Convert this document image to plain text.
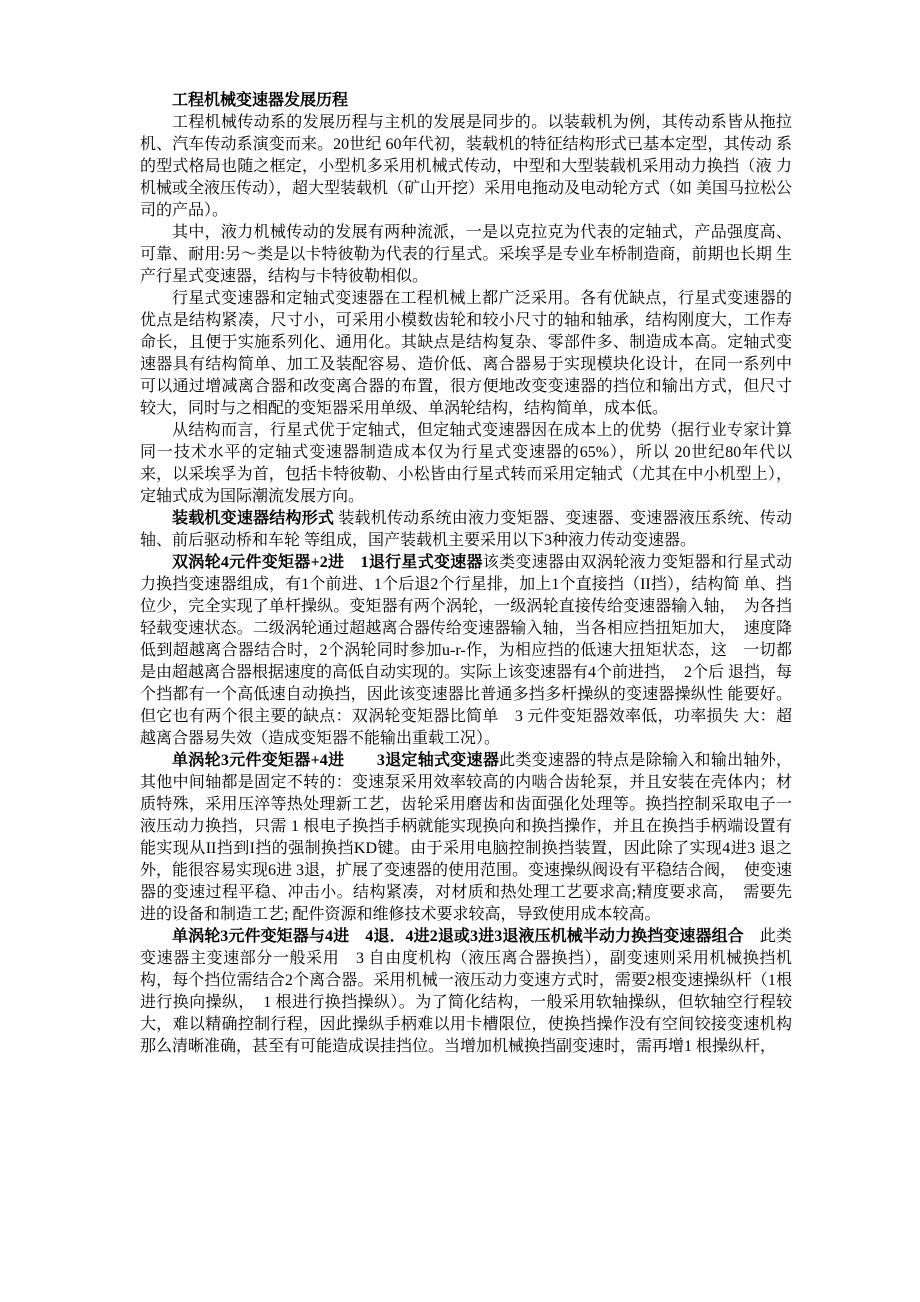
工程机械变速器发展历程

工程机械传动系的发展历程与主机的发展是同步的。以装载机为例，其传动系皆从拖拉 机、汽车传动系演变而来。20世纪 60年代初，装载机的特征结构形式已基本定型，其传动 系的型式格局也随之框定，小型机多采用机械式传动，中型和大型装载机采用动力换挡（液 力机械或全液压传动），超大型装载机（矿山开挖）采用电拖动及电动轮方式（如 美国马拉松公 司的产品）。

其中，液力机械传动的发展有两种流派，一是以克拉克为代表的定轴式，产品强度高、 可靠、耐用:另～类是以卡特彼勒为代表的行星式。采埃孚是专业车桥制造商，前期也长期 生产行星式变速器，结构与卡特彼勒相似。

行星式变速器和定轴式变速器在工程机械上都广泛采用。各有优缺点，行星式变速器的 优点是结构紧凑，尺寸小，可采用小模数齿轮和较小尺寸的轴和轴承，结构刚度大，工作寿 命长，且便于实施系列化、通用化。其缺点是结构复杂、零部件多、制造成本高。定轴式变 速器具有结构简单、加工及装配容易、造价低、离合器易于实现模块化设计，在同一系列中 可以通过增减离合器和改变离合器的布置，很方便地改变变速器的挡位和输出方式，但尺寸 较大，同时与之相配的变矩器采用单级、单涡轮结构，结构简单，成本低。

从结构而言，行星式优于定轴式，但定轴式变速器因在成本上的优势（据行业专家计算 同一技术水平的定轴式变速器制造成本仅为行星式变速器的65%），所以 20世纪80年代以 来，以采埃孚为首，包括卡特彼勒、小松皆由行星式转而采用定轴式（尤其在中小机型上）， 定轴式成为国际潮流发展方向。

装载机变速器结构形式 装载机传动系统由液力变矩器、变速器、变速器液压系统、传动轴、前后驱动桥和车轮 等组成，国产装载机主要采用以下3种液力传动变速器。

双涡轮4元件变矩器+2进　1退行星式变速器该类变速器由双涡轮液力变矩器和行星式动力换挡变速器组成，有1个前进、1个后退2个行星排，加上1个直接挡（II挡），结构简 单、挡位少，完全实现了单杆操纵。变矩器有两个涡轮，一级涡轮直接传给变速器输入轴，　为各挡轻载变速状态。二级涡轮通过超越离合器传给变速器输入轴，当各相应挡扭矩加大，　速度降低到超越离合器结合时，2个涡轮同时参加u-r-作，为相应挡的低速大扭矩状态，这　一切都是由超越离合器根据速度的高低自动实现的。实际上该变速器有4个前进挡，　2个后 退挡，每个挡都有一个高低速自动换挡，因此该变速器比普通多挡多杆操纵的变速器操纵性 能要好。但它也有两个很主要的缺点：双涡轮变矩器比简单　3 元件变矩器效率低，功率损失 大：超越离合器易失效（造成变矩器不能输出重载工况）。

单涡轮3元件变矩器+4进　　3退定轴式变速器此类变速器的特点是除输入和输出轴外，其他中间轴都是固定不转的：变速泵采用效率较高的内啮合齿轮泵，并且安装在壳体内；材质特殊，采用压淬等热处理新工艺，齿轮采用磨齿和齿面强化处理等。换挡控制采取电子一液压动力换挡，只需 1 根电子换挡手柄就能实现换向和换挡操作，并且在换挡手柄端设置有能实现从II挡到I挡的强制换挡KD键。由于采用电脑控制换挡装置，因此除了实现4进3 退之外，能很容易实现6进 3退，扩展了变速器的使用范围。变速操纵阀设有平稳结合阀，　使变速器的变速过程平稳、冲击小。结构紧凑，对材质和热处理工艺要求高;精度要求高，　需要先进的设备和制造工艺; 配件资源和维修技术要求较高，导致使用成本较高。

单涡轮3元件变矩器与4进　4退．4进2退或3进3退液压机械半动力换挡变速器组合　此类变速器主变速部分一般采用　3 自由度机构（液压离合器换挡），副变速则采用机械换挡机构，每个挡位需结合2个离合器。采用机械一液压动力变速方式时，需要2根变速操纵杆（1根进行换向操纵，　1 根进行换挡操纵）。为了简化结构，一般采用软轴操纵，但软轴空行程较大，难以精确控制行程，因此操纵手柄难以用卡槽限位，使换挡操作没有空间铰接变速机构那么清晰准确，甚至有可能造成误挂挡位。当增加机械换挡副变速时，需再增1 根操纵杆，
